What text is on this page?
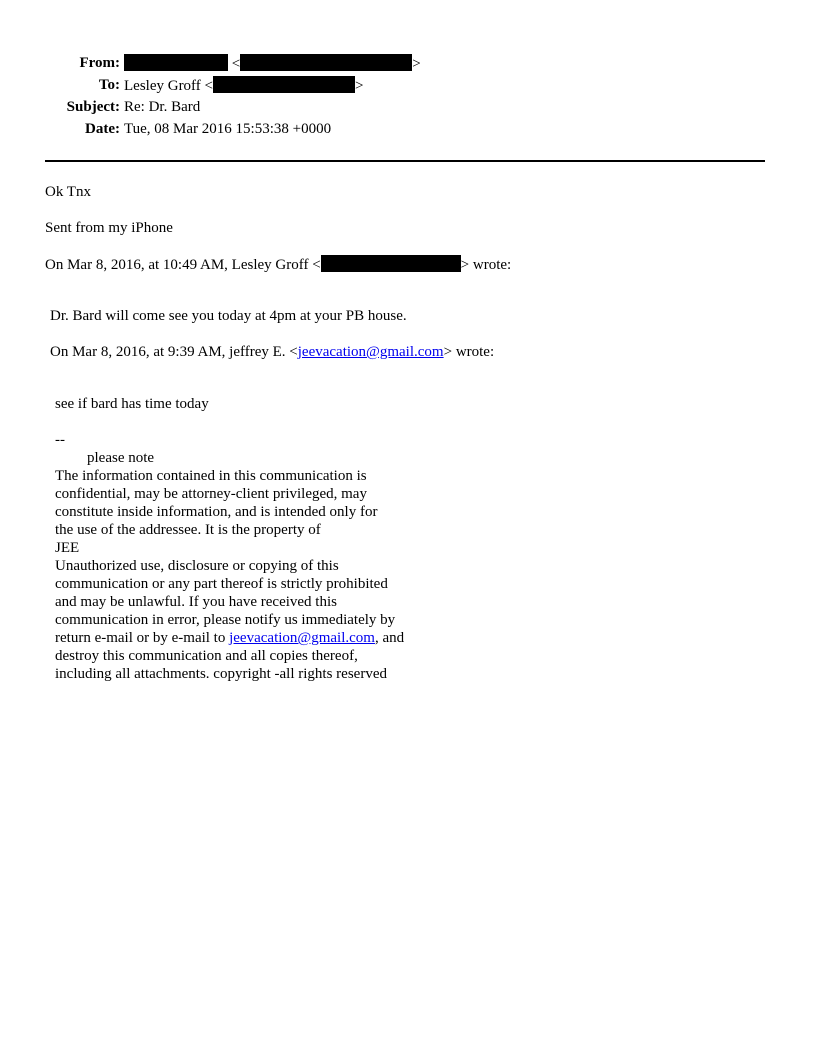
From:	<	>
To: Lesley Groff <	>
Subject: Re: Dr. Bard
Date: Tue, 08 Mar 2016 15:53:38 +0000
Ok Tnx
Sent from my iPhone
On Mar 8, 2016, at 10:49 AM, Lesley Groff <	> wrote:
Dr. Bard will come see you today at 4pm at your PB house.
On Mar 8, 2016, at 9:39 AM, jeffrey E. <jeevacation@gmail.com> wrote:
see if bard has time today
--
please note
The information contained in this communication is
confidential, may be attorney-client privileged, may
constitute inside information, and is intended only for
the use of the addressee. It is the property of
JEE
Unauthorized use, disclosure or copying of this
communication or any part thereof is strictly prohibited
and may be unlawful. If you have received this
communication in error, please notify us immediately by
return e-mail or by e-mail to jeevacation@gmail.com, and
destroy this communication and all copies thereof,
including all attachments. copyright -all rights reserved
